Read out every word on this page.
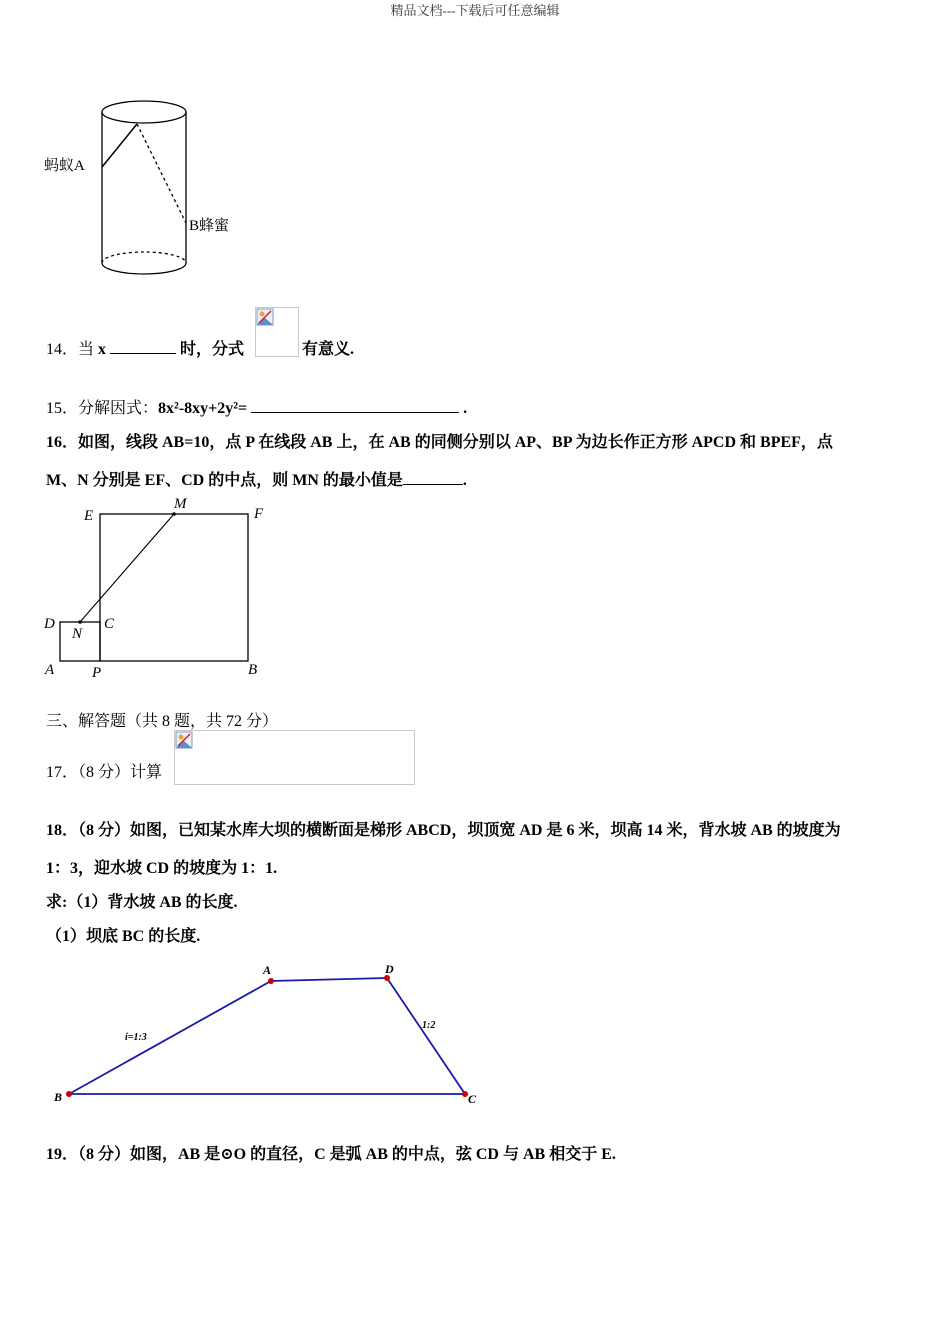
精品文档---下载后可任意编辑
蚂蚁A
B蜂蜜
14．当 x	时，分式	有意义.
15．分解因式：8x²-8xy+2y²=	.
16．如图，线段 AB=10，点 P 在线段 AB 上，在 AB 的同侧分别以 AP、BP 为边长作正方形 APCD 和 BPEF，点
M、N 分别是 EF、CD 的中点，则 MN 的最小值是	.
E
M
F
D
N
C
A	P	B
三、解答题（共 8 题，共 72 分）
17．（8 分）计算
18．（8 分）如图，已知某水库大坝的横断面是梯形 ABCD，坝顶宽 AD 是 6 米，坝高 14 米，背水坡 AB 的坡度为
1：3，迎水坡 CD 的坡度为 1：1.
求:（1）背水坡 AB 的长度.
（1）坝底 BC 的长度.
A	D
B	C
i=1:3
1:2
19．（8 分）如图，AB 是⊙O 的直径，C 是弧 AB 的中点，弦 CD 与 AB 相交于 E.
